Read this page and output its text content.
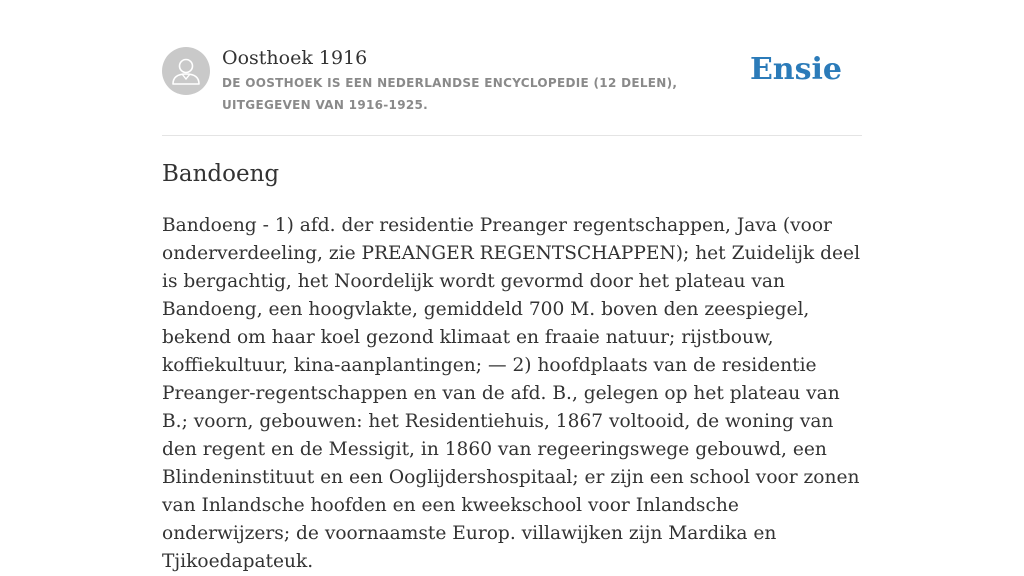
Oosthoek 1916
DE OOSTHOEK IS EEN NEDERLANDSE ENCYCLOPEDIE (12 DELEN), UITGEGEVEN VAN 1916-1925.
Ensie
Bandoeng

Bandoeng - 1) afd. der residentie Preanger regentschappen, Java (voor onderverdeeling, zie PREANGER REGENTSCHAPPEN); het Zuidelijk deel is bergachtig, het Noordelijk wordt gevormd door het plateau van Bandoeng, een hoogvlakte, gemiddeld 700 M. boven den zeespiegel, bekend om haar koel gezond klimaat en fraaie natuur; rijstbouw, koffiekultuur, kina-aanplantingen; — 2) hoofdplaats van de residentie Preanger-regentschappen en van de afd. B., gelegen op het plateau van B.; voorn, gebouwen: het Residentiehuis, 1867 voltooid, de woning van den regent en de Messigit, in 1860 van regeeringswege gebouwd, een Blindeninstituut en een Ooglijdershospitaal; er zijn een school voor zonen van Inlandsche hoofden en een kweekschool voor Inlandsche onderwijzers; de voornaamste Europ. villawijken zijn Mardika en Tjikoedapateuk.
